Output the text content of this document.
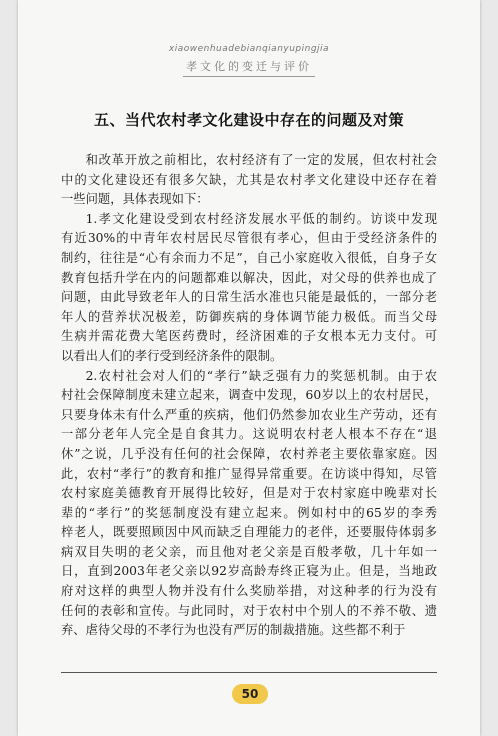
xiaowenhuadebianqianyupingjia
孝文化的变迁与评价
五、当代农村孝文化建设中存在的问题及对策
和改革开放之前相比，农村经济有了一定的发展，但农村社会
中的文化建设还有很多欠缺，尤其是农村孝文化建设中还存在着
一些问题，具体表现如下：
1.孝文化建设受到农村经济发展水平低的制约。访谈中发现
有近30%的中青年农村居民尽管很有孝心，但由于受经济条件的
制约，往往是“心有余而力不足”，自己小家庭收入很低，自身子女
教育包括升学在内的问题都难以解决，因此，对父母的供养也成了
问题，由此导致老年人的日常生活水准也只能是最低的，一部分老
年人的营养状况极差，防御疾病的身体调节能力极低。而当父母
生病并需花费大笔医药费时，经济困难的子女根本无力支付。可
以看出人们的孝行受到经济条件的限制。
2.农村社会对人们的“孝行”缺乏强有力的奖惩机制。由于农
村社会保障制度未建立起来，调查中发现，60岁以上的农村居民，
只要身体未有什么严重的疾病，他们仍然参加农业生产劳动，还有
一部分老年人完全是自食其力。这说明农村老人根本不存在“退
休”之说，几乎没有任何的社会保障，农村养老主要依靠家庭。因
此，农村“孝行”的教育和推广显得异常重要。在访谈中得知，尽管
农村家庭美德教育开展得比较好，但是对于农村家庭中晚辈对长
辈的“孝行”的奖惩制度没有建立起来。例如村中的65岁的李秀
梓老人，既要照顾因中风而缺乏自理能力的老伴，还要服侍体弱多
病双目失明的老父亲，而且他对老父亲是百般孝敬，几十年如一
日，直到2003年老父亲以92岁高龄寿终正寝为止。但是，当地政
府对这样的典型人物并没有什么奖励举措，对这种孝的行为没有
任何的表彰和宣传。与此同时，对于农村中个别人的不养不敬、遗
弃、虐待父母的不孝行为也没有严厉的制裁措施。这些都不利于
50
